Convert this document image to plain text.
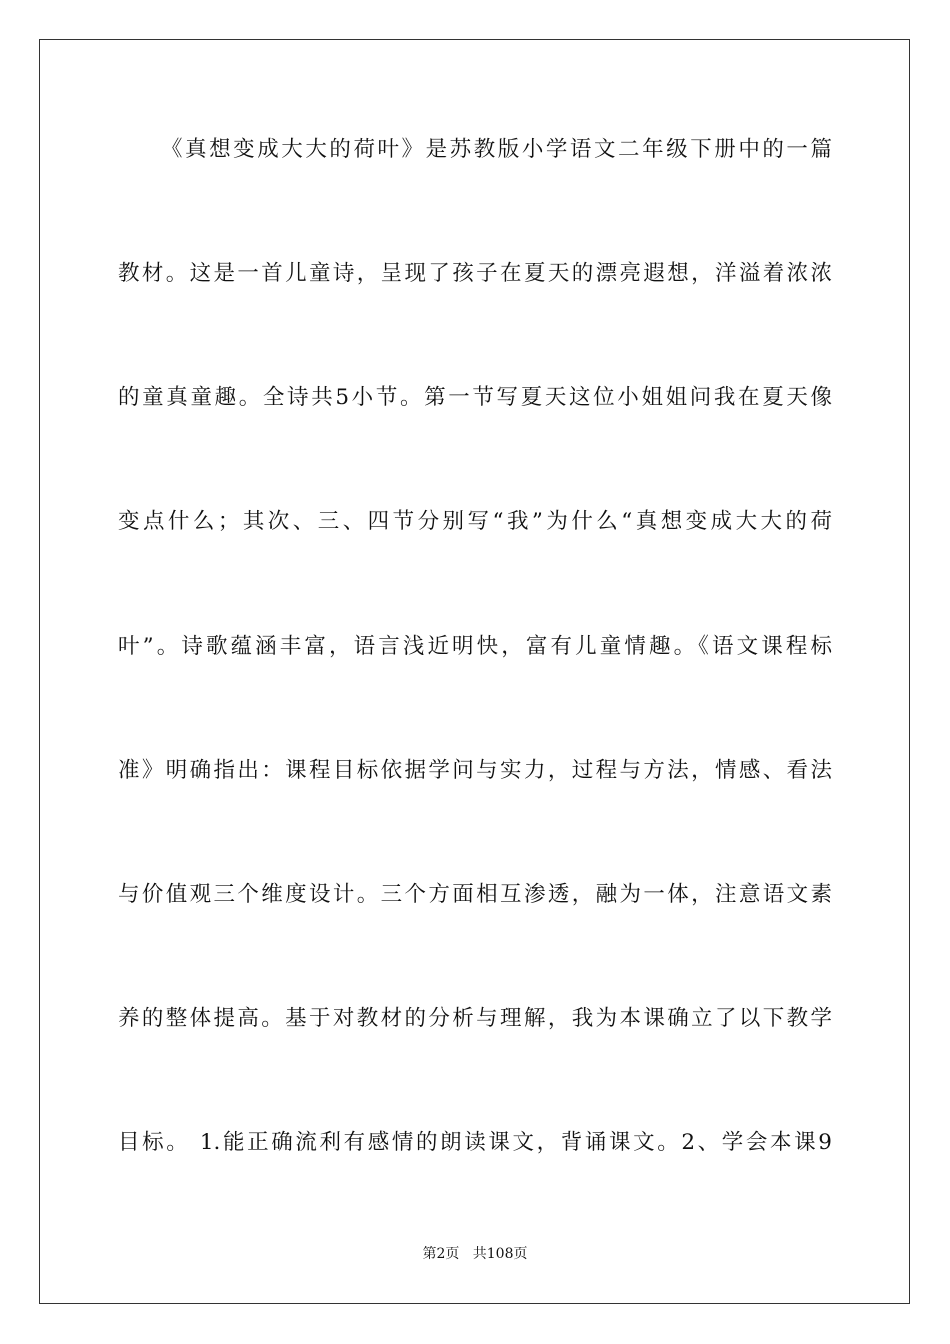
《真想变成大大的荷叶》是苏教版小学语文二年级下册中的一篇
教材。这是一首儿童诗，呈现了孩子在夏天的漂亮遐想，洋溢着浓浓
的童真童趣。全诗共5小节。第一节写夏天这位小姐姐问我在夏天像
变点什么；其次、三、四节分别写“我”为什么“真想变成大大的荷
叶”。诗歌蕴涵丰富，语言浅近明快，富有儿童情趣。《语文课程标
准》明确指出：课程目标依据学问与实力，过程与方法，情感、看法
与价值观三个维度设计。三个方面相互渗透，融为一体，注意语文素
养的整体提高。基于对教材的分析与理解，我为本课确立了以下教学
目标。 1.能正确流利有感情的朗读课文，背诵课文。2、学会本课9
第2页   共108页
